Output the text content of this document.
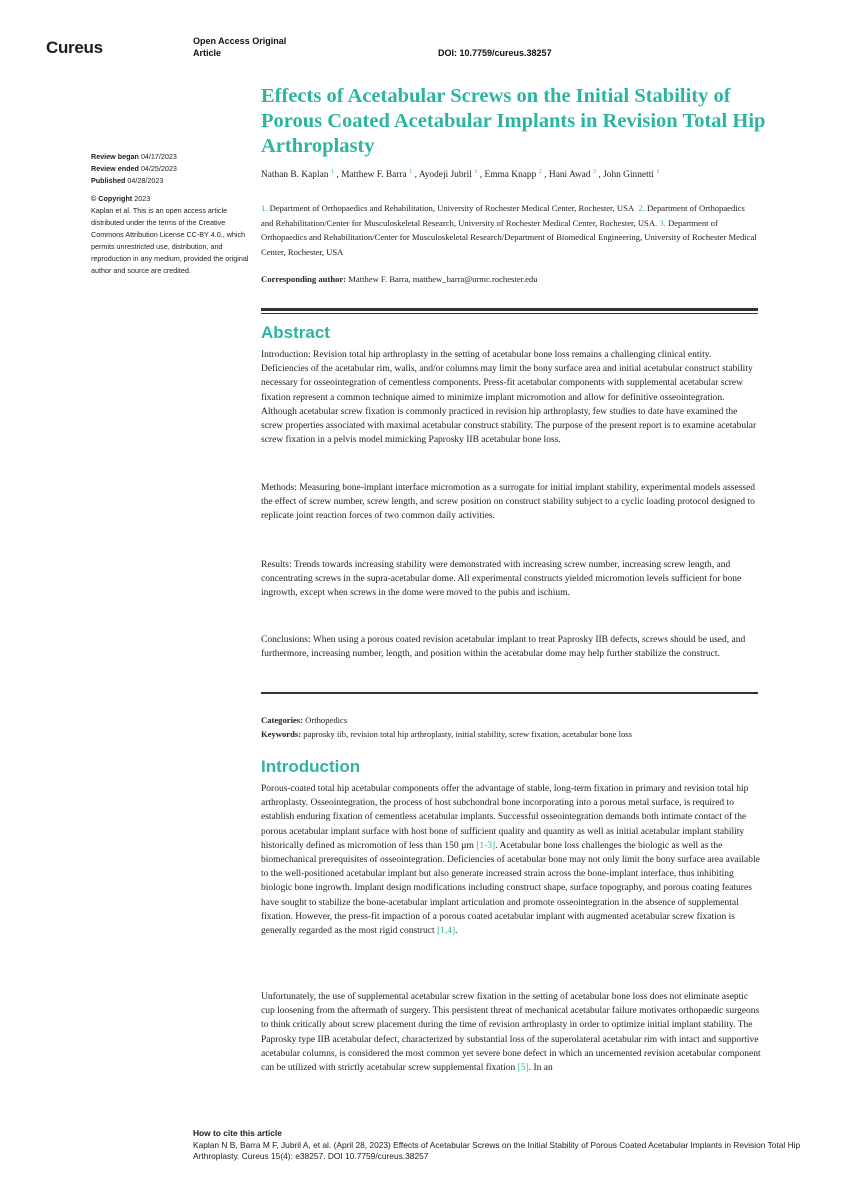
Cureus	Open Access Original
Article	DOI: 10.7759/cureus.38257
Effects of Acetabular Screws on the Initial Stability of Porous Coated Acetabular Implants in Revision Total Hip Arthroplasty
Review began 04/17/2023
Review ended 04/25/2023
Published 04/28/2023
© Copyright 2023
Kaplan et al. This is an open access article distributed under the terms of the Creative Commons Attribution License CC-BY 4.0., which permits unrestricted use, distribution, and reproduction in any medium, provided the original author and source are credited.
Nathan B. Kaplan $^1$ , Matthew F. Barra $^1$ , Ayodeji Jubril $^1$ , Emma Knapp $^2$ , Hani Awad $^3$ , John Ginnetti $^1$
1. Department of Orthopaedics and Rehabilitation, University of Rochester Medical Center, Rochester, USA 2. Department of Orthopaedics and Rehabilitation/Center for Musculoskeletal Research, University of Rochester Medical Center, Rochester, USA. 3. Department of Orthopaedics and Rehabilitation/Center for Musculoskeletal Research/Department of Biomedical Engineering, University of Rochester Medical Center, Rochester, USA
Corresponding author: Matthew F. Barra, matthew_barra@urmc.rochester.edu
Abstract
Introduction: Revision total hip arthroplasty in the setting of acetabular bone loss remains a challenging clinical entity. Deficiencies of the acetabular rim, walls, and/or columns may limit the bony surface area and initial acetabular construct stability necessary for osseointegration of cementless components. Press-fit acetabular components with supplemental acetabular screw fixation represent a common technique aimed to minimize implant micromotion and allow for definitive osseointegration. Although acetabular screw fixation is commonly practiced in revision hip arthroplasty, few studies to date have examined the screw properties associated with maximal acetabular construct stability. The purpose of the present report is to examine acetabular screw fixation in a pelvis model mimicking Paprosky IIB acetabular bone loss.
Methods: Measuring bone-implant interface micromotion as a surrogate for initial implant stability, experimental models assessed the effect of screw number, screw length, and screw position on construct stability subject to a cyclic loading protocol designed to replicate joint reaction forces of two common daily activities.
Results: Trends towards increasing stability were demonstrated with increasing screw number, increasing screw length, and concentrating screws in the supra-acetabular dome. All experimental constructs yielded micromotion levels sufficient for bone ingrowth, except when screws in the dome were moved to the pubis and ischium.
Conclusions: When using a porous coated revision acetabular implant to treat Paprosky IIB defects, screws should be used, and furthermore, increasing number, length, and position within the acetabular dome may help further stabilize the construct.
Categories: Orthopedics
Keywords: paprosky iib, revision total hip arthroplasty, initial stability, screw fixation, acetabular bone loss
Introduction
Porous-coated total hip acetabular components offer the advantage of stable, long-term fixation in primary and revision total hip arthroplasty. Osseointegration, the process of host subchondral bone incorporating into a porous metal surface, is required to establish enduring fixation of cementless acetabular implants. Successful osseointegration demands both intimate contact of the porous acetabular implant surface with host bone of sufficient quality and quantity as well as initial acetabular implant stability historically defined as micromotion of less than 150 µm [1-3]. Acetabular bone loss challenges the biologic as well as the biomechanical prerequisites of osseointegration. Deficiencies of acetabular bone may not only limit the bony surface area available to the well-positioned acetabular implant but also generate increased strain across the bone-implant interface, thus inhibiting biologic bone ingrowth. Implant design modifications including construct shape, surface topography, and porous coating features have sought to stabilize the bone-acetabular implant articulation and promote osseointegration in the absence of supplemental fixation. However, the press-fit impaction of a porous coated acetabular implant with augmented acetabular screw fixation is generally regarded as the most rigid construct [1,4].
Unfortunately, the use of supplemental acetabular screw fixation in the setting of acetabular bone loss does not eliminate aseptic cup loosening from the aftermath of surgery. This persistent threat of mechanical acetabular failure motivates orthopaedic surgeons to think critically about screw placement during the time of revision arthroplasty in order to optimize initial implant stability. The Paprosky type IIB acetabular defect, characterized by substantial loss of the superolateral acetabular rim with intact and supportive acetabular columns, is considered the most common yet severe bone defect in which an uncemented revision acetabular component can be utilized with strictly acetabular screw supplemental fixation [5]. In an
How to cite this article
Kaplan N B, Barra M F, Jubril A, et al. (April 28, 2023) Effects of Acetabular Screws on the Initial Stability of Porous Coated Acetabular Implants in Revision Total Hip Arthroplasty. Cureus 15(4): e38257. DOI 10.7759/cureus.38257
